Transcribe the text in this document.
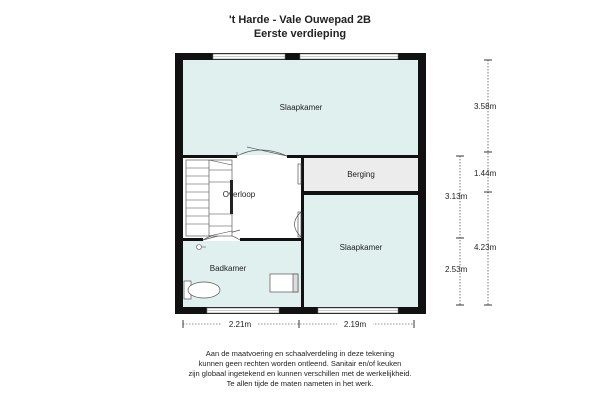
't Harde - Vale Ouwepad 2B
Eerste verdieping
Slaapkamer
Berging
Overloop
Slaapkamer
Badkamer
3.58m
1.44m
4.23m
3.13m
2.53m
2.21m	2.19m
Aan de maatvoering en schaalverdeling in deze tekening
kunnen geen rechten worden ontleend. Sanitair en/of keuken
zijn globaal ingetekend en kunnen verschillen met de werkelijkheid.
Te allen tijde de maten nameten in het werk.
